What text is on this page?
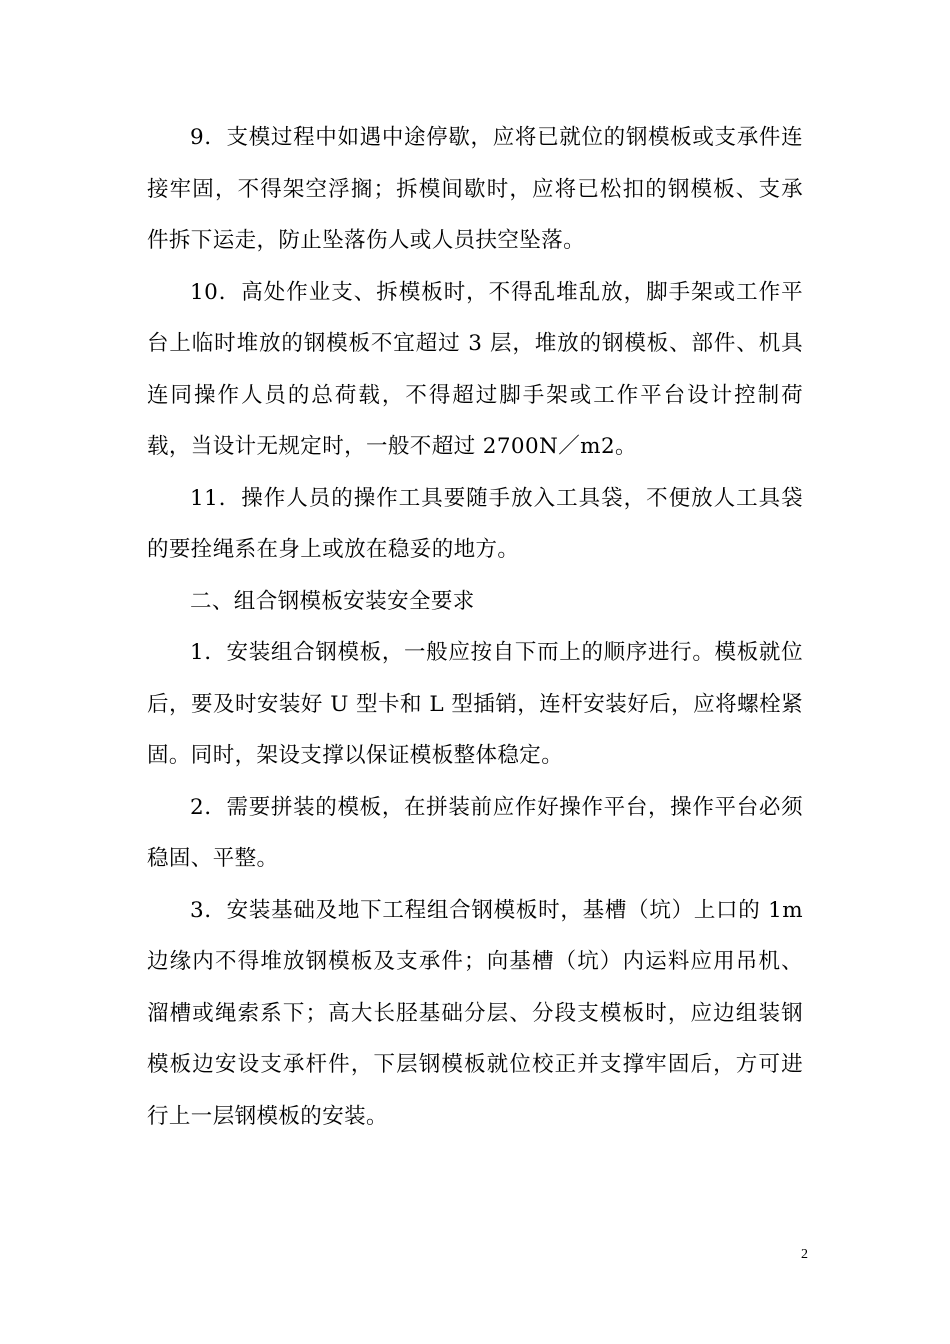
9．支模过程中如遇中途停歇，应将已就位的钢模板或支承件连接牢固，不得架空浮搁；拆模间歇时，应将已松扣的钢模板、支承件拆下运走，防止坠落伤人或人员扶空坠落。

10．高处作业支、拆模板时，不得乱堆乱放，脚手架或工作平台上临时堆放的钢模板不宜超过 3 层，堆放的钢模板、部件、机具连同操作人员的总荷载，不得超过脚手架或工作平台设计控制荷载，当设计无规定时，一般不超过 2700N／m2。

11．操作人员的操作工具要随手放入工具袋，不便放人工具袋的要拴绳系在身上或放在稳妥的地方。

二、组合钢模板安装安全要求

1．安装组合钢模板，一般应按自下而上的顺序进行。模板就位后，要及时安装好 U 型卡和 L 型插销，连杆安装好后，应将螺栓紧固。同时，架设支撑以保证模板整体稳定。

2．需要拼装的模板，在拼装前应作好操作平台，操作平台必须稳固、平整。

3．安装基础及地下工程组合钢模板时，基槽（坑）上口的 1m 边缘内不得堆放钢模板及支承件；向基槽（坑）内运料应用吊机、溜槽或绳索系下；高大长胫基础分层、分段支模板时，应边组装钢模板边安设支承杆件，下层钢模板就位校正并支撑牢固后，方可进行上一层钢模板的安装。

2
